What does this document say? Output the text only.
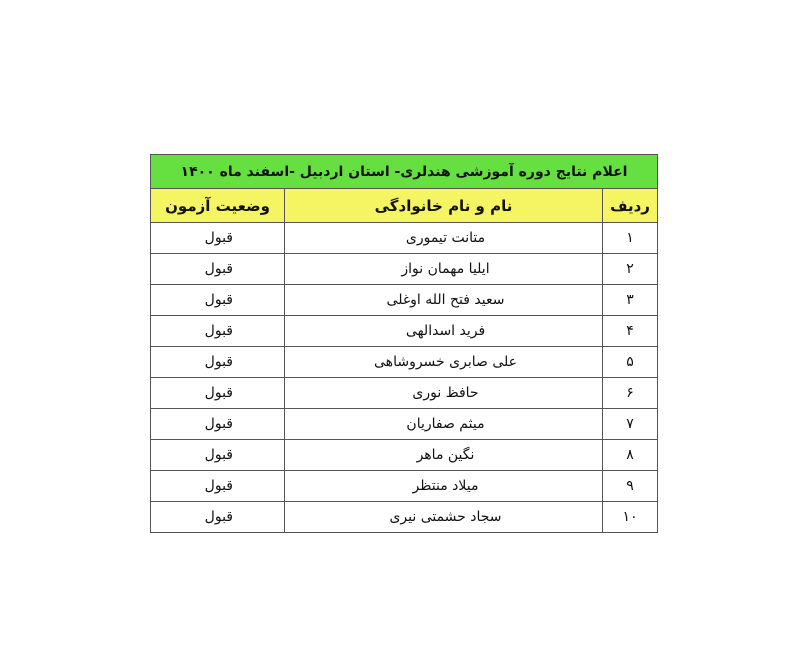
اعلام نتایج دوره آموزشی هندلری- استان اردبیل -اسفند ماه ۱۴۰۰		
ردیف	نام و نام خانوادگی	وضعیت آزمون
۱	متانت تیموری	قبول
۲	ایلیا مهمان نواز	قبول
۳	سعید فتح الله اوغلی	قبول
۴	فرید اسدالهی	قبول
۵	علی صابری خسروشاهی	قبول
۶	حافظ نوری	قبول
۷	میثم صفاریان	قبول
۸	نگین ماهر	قبول
۹	میلاد منتظر	قبول
۱۰	سجاد حشمتی نیری	قبول
